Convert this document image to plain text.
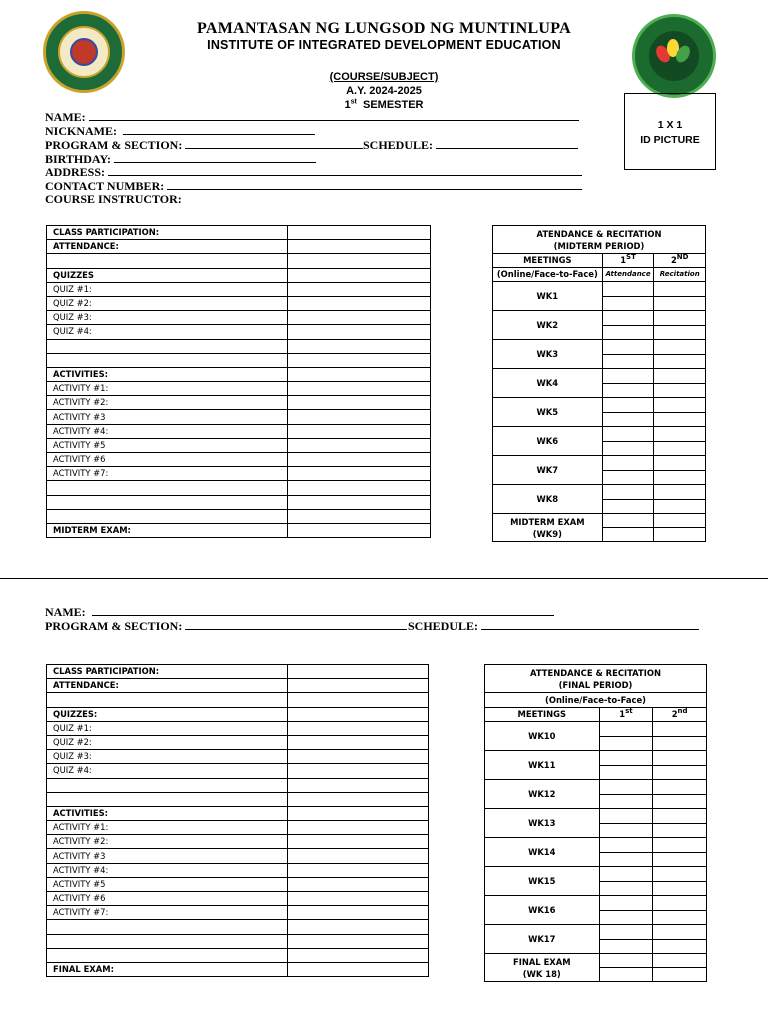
PAMANTASAN NG LUNGSOD NG MUNTINLUPA
INSTITUTE OF INTEGRATED DEVELOPMENT EDUCATION
(COURSE/SUBJECT)
A.Y. 2024-2025
1st SEMESTER
1 X 1
ID PICTURE
NAME:
NICKNAME:
PROGRAM & SECTION:	SCHEDULE:
BIRTHDAY:
ADDRESS:
CONTACT NUMBER:
COURSE INSTRUCTOR:
CLASS PARTICIPATION:	
ATTENDANCE:	

QUIZZES	
QUIZ #1:	
QUIZ #2:	
QUIZ #3:	
QUIZ #4:	

ACTIVITIES:	
ACTIVITY #1:	
ACTIVITY #2:	
ACTIVITY #3	
ACTIVITY #4:	
ACTIVITY #5	
ACTIVITY #6	
ACTIVITY #7:	

MIDTERM EXAM:	
ATENDANCE & RECITATION
(MIDTERM PERIOD)		

MEETINGS	1ST	2ND
(Online/Face-to-Face)	Attendance	Recitation
WK1		

WK2		

WK3		

WK4		

WK5		

WK6		

WK7		

WK8		

MIDTERM EXAM
(WK9)		

NAME:
PROGRAM & SECTION:	SCHEDULE:
CLASS PARTICIPATION:	
ATTENDANCE:	

QUIZZES:	
QUIZ #1:	
QUIZ #2:	
QUIZ #3:	
QUIZ #4:	

ACTIVITIES:	
ACTIVITY #1:	
ACTIVITY #2:	
ACTIVITY #3	
ACTIVITY #4:	
ACTIVITY #5	
ACTIVITY #6	
ACTIVITY #7:	

FINAL EXAM:	
ATTENDANCE & RECITATION
(FINAL PERIOD)		

(Online/Face-to-Face)		
MEETINGS	1st	2nd
WK10		

WK11		

WK12		

WK13		

WK14		

WK15		

WK16		

WK17		

FINAL EXAM
(WK 18)		
